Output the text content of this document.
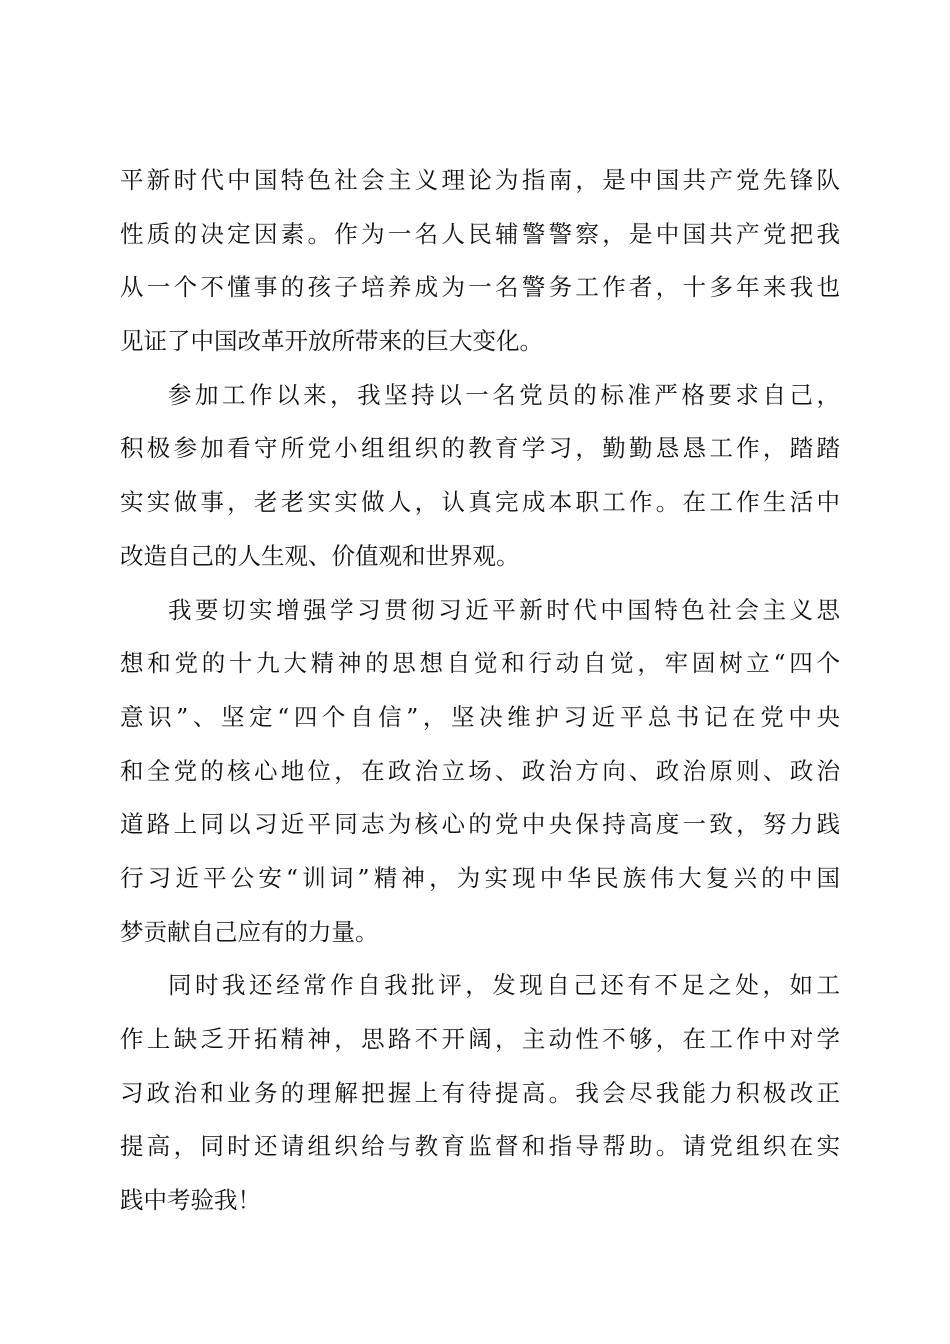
平新时代中国特色社会主义理论为指南，是中国共产党先锋队
性质的决定因素。作为一名人民辅警警察，是中国共产党把我
从一个不懂事的孩子培养成为一名警务工作者，十多年来我也
见证了中国改革开放所带来的巨大变化。
参加工作以来，我坚持以一名党员的标准严格要求自己，
积极参加看守所党小组组织的教育学习，勤勤恳恳工作，踏踏
实实做事，老老实实做人，认真完成本职工作。在工作生活中
改造自己的人生观、价值观和世界观。
我要切实增强学习贯彻习近平新时代中国特色社会主义思
想和党的十九大精神的思想自觉和行动自觉，牢固树立“四个
意识”、坚定“四个自信”，坚决维护习近平总书记在党中央
和全党的核心地位，在政治立场、政治方向、政治原则、政治
道路上同以习近平同志为核心的党中央保持高度一致，努力践
行习近平公安“训词”精神，为实现中华民族伟大复兴的中国
梦贡献自己应有的力量。
同时我还经常作自我批评，发现自己还有不足之处，如工
作上缺乏开拓精神，思路不开阔，主动性不够，在工作中对学
习政治和业务的理解把握上有待提高。我会尽我能力积极改正
提高，同时还请组织给与教育监督和指导帮助。请党组织在实
践中考验我！
